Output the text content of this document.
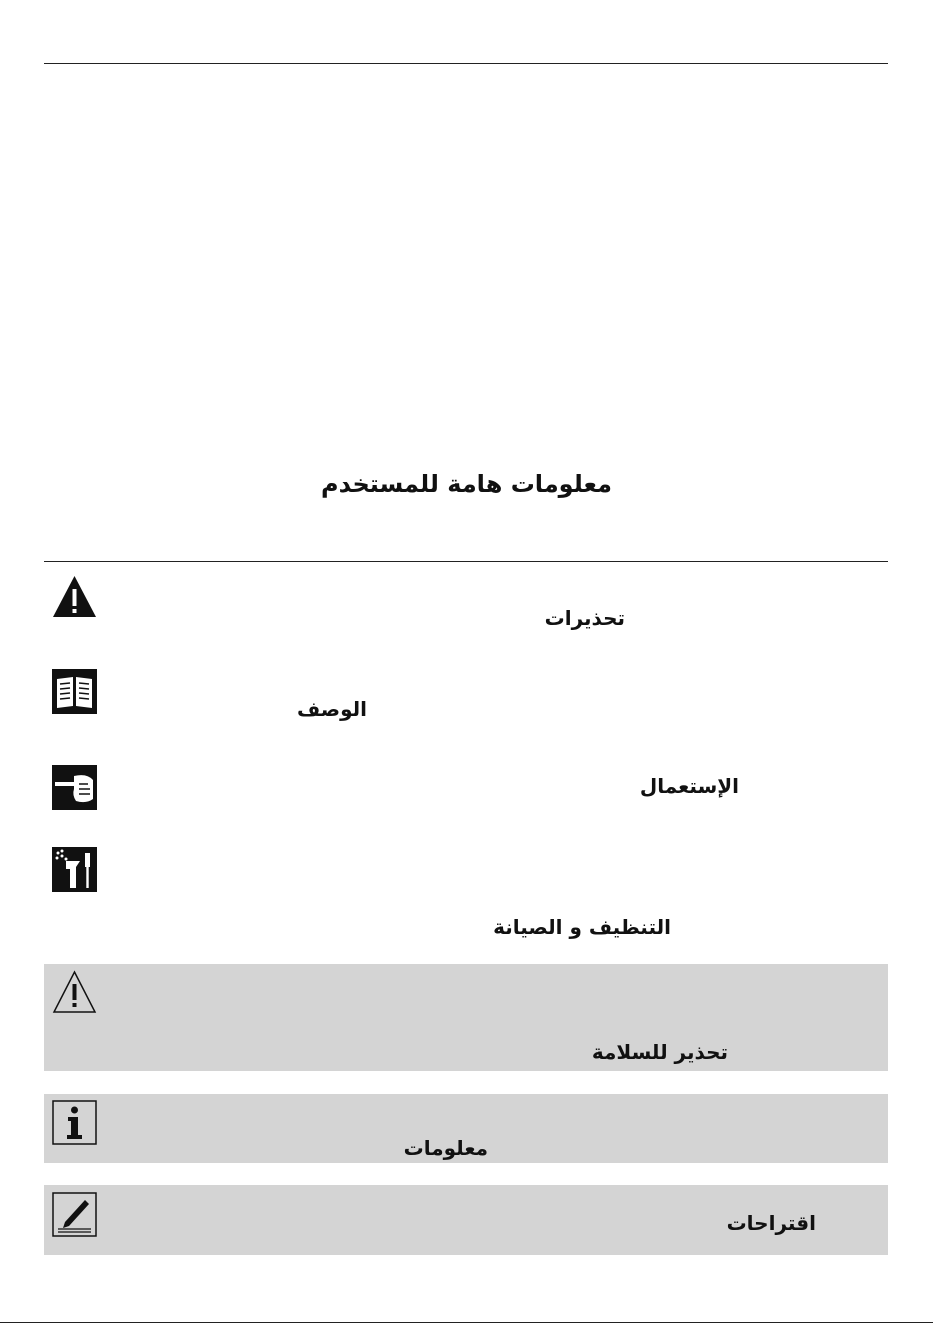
معلومات هامة للمستخدم
تحذيرات
الوصف
الإستعمال
التنظيف و الصيانة
تحذير للسلامة
معلومات
اقتراحات
